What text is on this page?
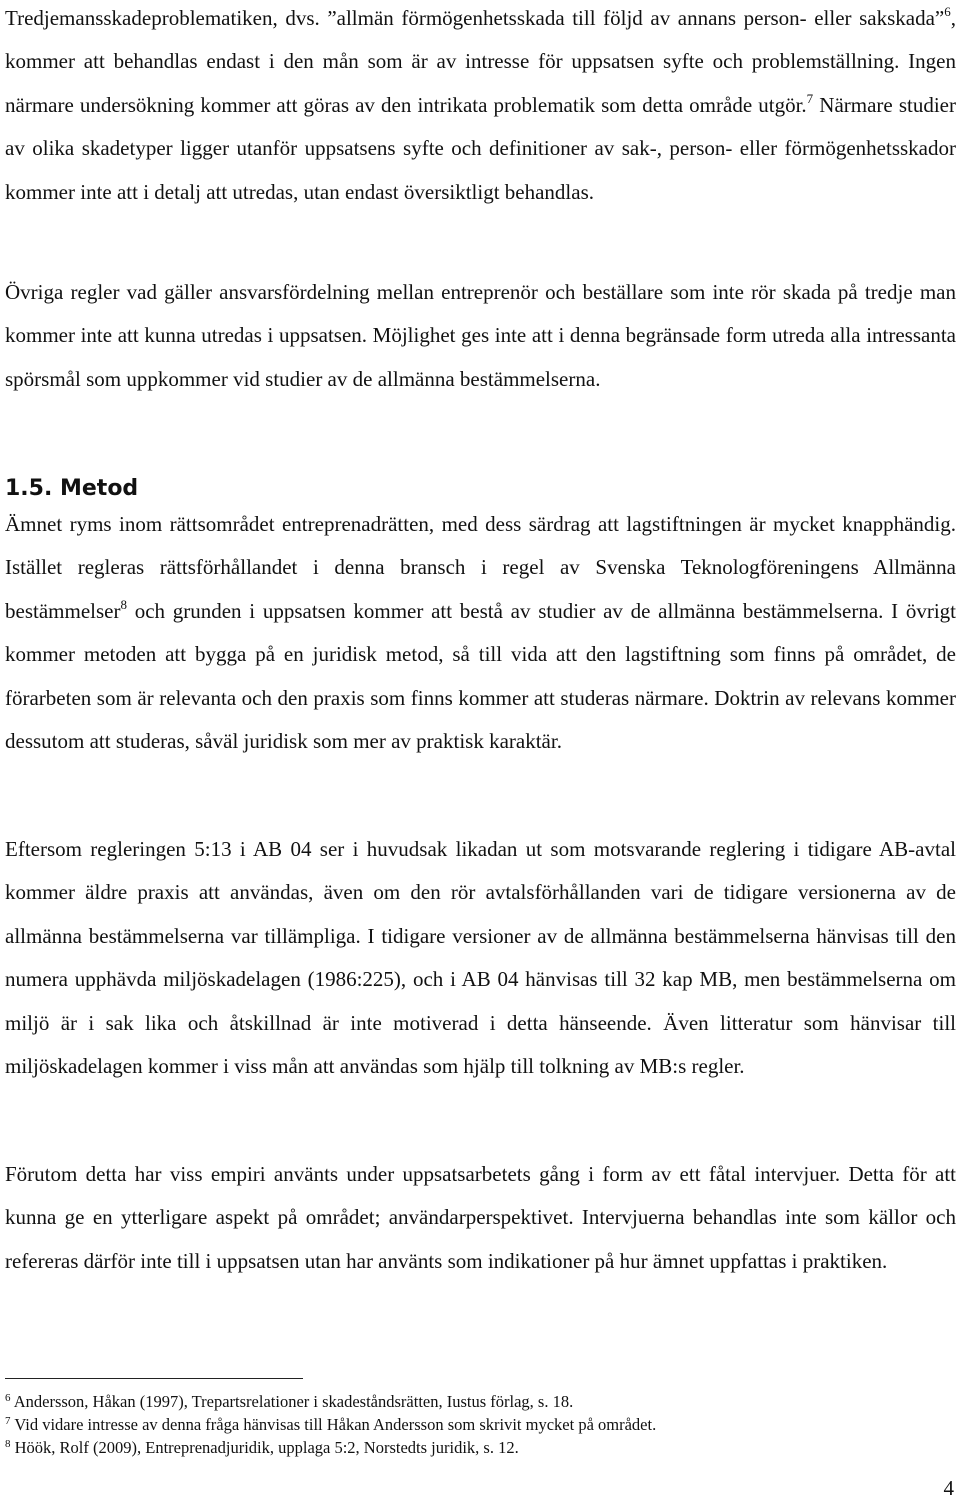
Tredjemansskadeproblematiken, dvs. ”allmän förmögenhetsskada till följd av annans person- eller sakskada”$^6$, kommer att behandlas endast i den mån som är av intresse för uppsatsen syfte och problemställning. Ingen närmare undersökning kommer att göras av den intrikata problematik som detta område utgör.$^7$ Närmare studier av olika skadetyper ligger utanför uppsatsens syfte och definitioner av sak-, person- eller förmögenhetsskador kommer inte att i detalj att utredas, utan endast översiktligt behandlas.

Övriga regler vad gäller ansvarsfördelning mellan entreprenör och beställare som inte rör skada på tredje man kommer inte att kunna utredas i uppsatsen. Möjlighet ges inte att i denna begränsade form utreda alla intressanta spörsmål som uppkommer vid studier av de allmänna bestämmelserna.

1.5. Metod

Ämnet ryms inom rättsområdet entreprenadrätten, med dess särdrag att lagstiftningen är mycket knapphändig. Istället regleras rättsförhållandet i denna bransch i regel av Svenska Teknologföreningens Allmänna bestämmelser$^8$ och grunden i uppsatsen kommer att bestå av studier av de allmänna bestämmelserna. I övrigt kommer metoden att bygga på en juridisk metod, så till vida att den lagstiftning som finns på området, de förarbeten som är relevanta och den praxis som finns kommer att studeras närmare. Doktrin av relevans kommer dessutom att studeras, såväl juridisk som mer av praktisk karaktär.

Eftersom regleringen 5:13 i AB 04 ser i huvudsak likadan ut som motsvarande reglering i tidigare AB-avtal kommer äldre praxis att användas, även om den rör avtalsförhållanden vari de tidigare versionerna av de allmänna bestämmelserna var tillämpliga. I tidigare versioner av de allmänna bestämmelserna hänvisas till den numera upphävda miljöskadelagen (1986:225), och i AB 04 hänvisas till 32 kap MB, men bestämmelserna om miljö är i sak lika och åtskillnad är inte motiverad i detta hänseende. Även litteratur som hänvisar till miljöskadelagen kommer i viss mån att användas som hjälp till tolkning av MB:s regler.

Förutom detta har viss empiri använts under uppsatsarbetets gång i form av ett fåtal intervjuer. Detta för att kunna ge en ytterligare aspekt på området; användarperspektivet. Intervjuerna behandlas inte som källor och refereras därför inte till i uppsatsen utan har använts som indikationer på hur ämnet uppfattas i praktiken.

$^6$ Andersson, Håkan (1997), Trepartsrelationer i skadeståndsrätten, Iustus förlag, s. 18.

$^7$ Vid vidare intresse av denna fråga hänvisas till Håkan Andersson som skrivit mycket på området.

$^8$ Höök, Rolf (2009), Entreprenadjuridik, upplaga 5:2, Norstedts juridik, s. 12.

4
